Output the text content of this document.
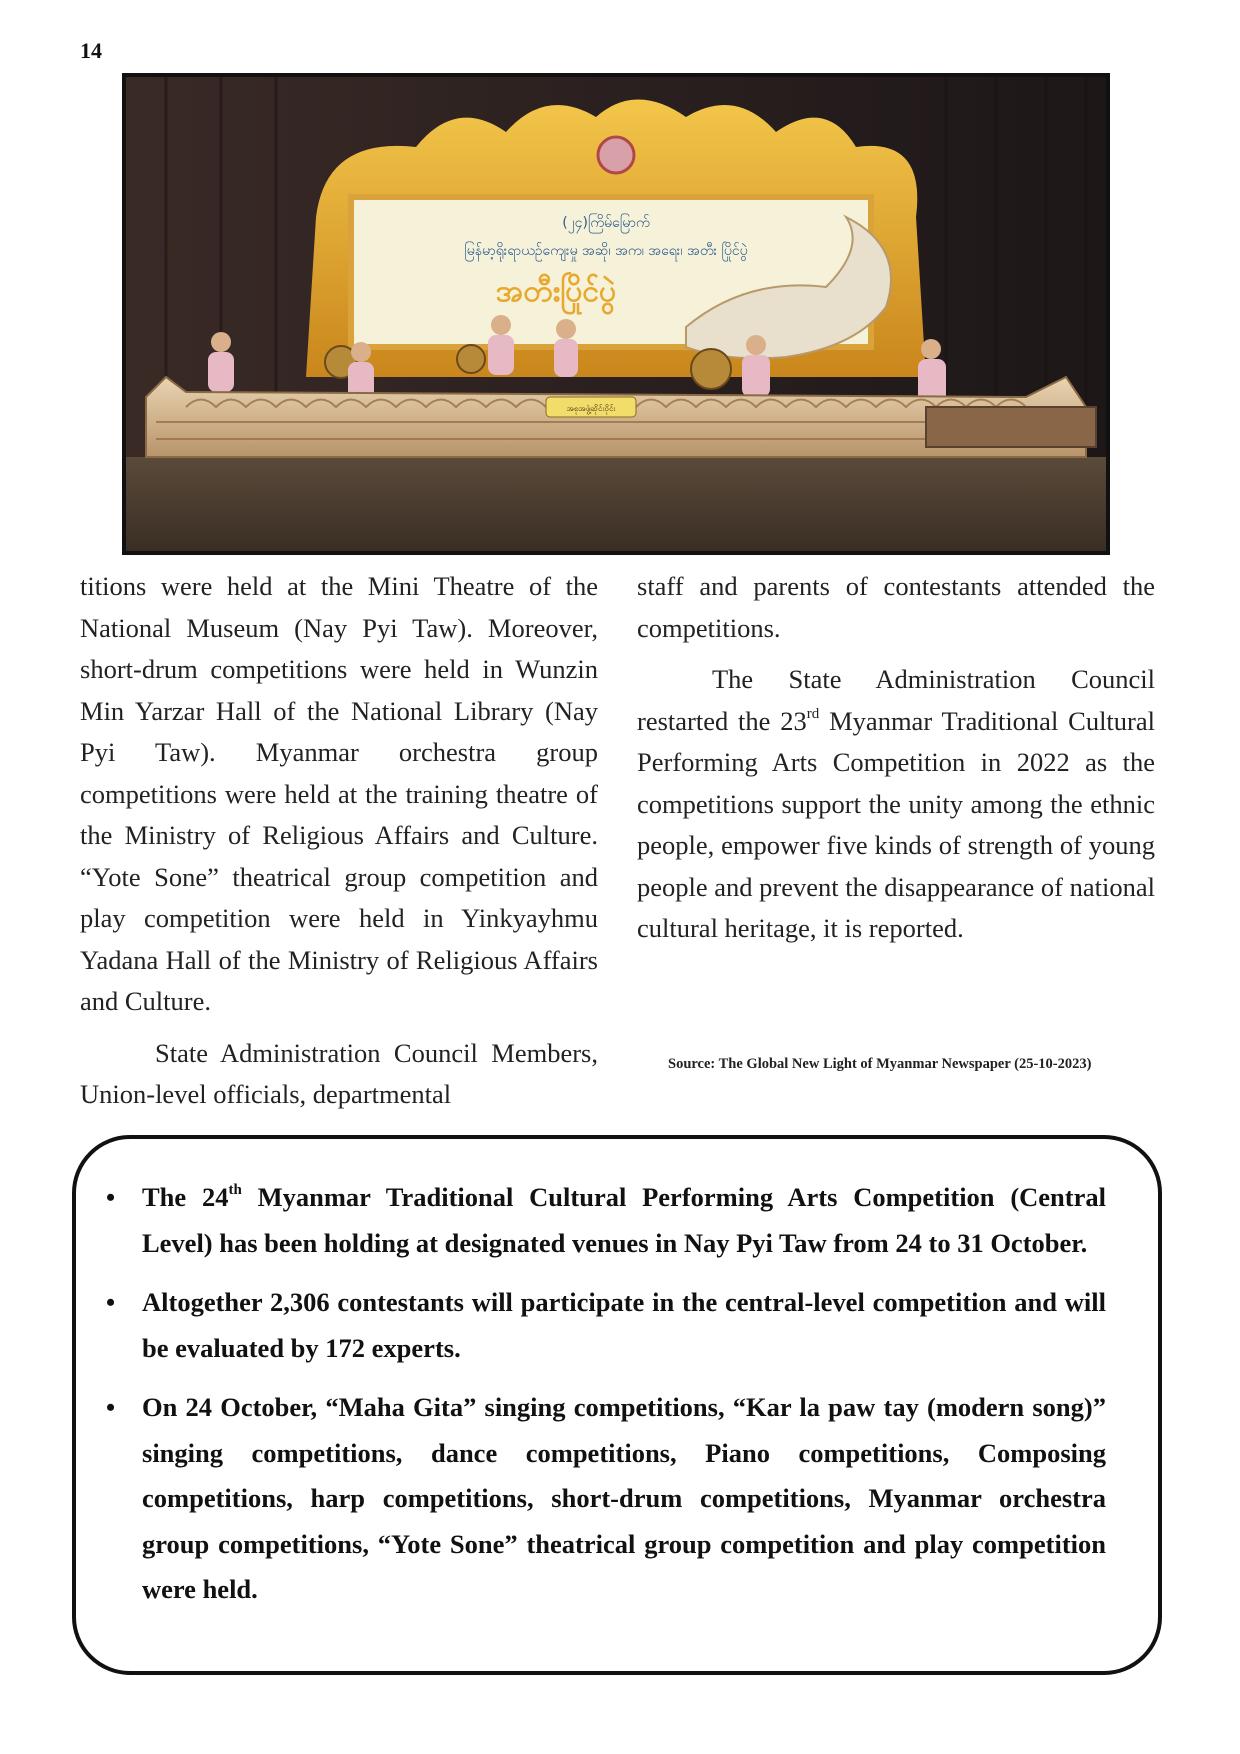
14
(၂၄)ကြိမ်မြောက်
မြန်မာ့ရိုးရာယဉ်ကျေးမှု အဆို၊ အက၊ အရေး၊ အတီး ပြိုင်ပွဲ
အတီးပြိုင်ပွဲ
အစုအဖွဲ့ဆိုင်းဝိုင်း

titions were held at the Mini Theatre of the National Museum (Nay Pyi Taw). Moreover, short-drum competitions were held in Wunzin Min Yarzar Hall of the National Library (Nay Pyi Taw). Myanmar orchestra group competitions were held at the training theatre of the Ministry of Religious Affairs and Culture. “Yote Sone” theatrical group competition and play competition were held in Yinkyayhmu Yadana Hall of the Ministry of Religious Affairs and Culture.

State Administration Council Members, Union-level officials, departmental

staff and parents of contestants attended the competitions.

The State Administration Council restarted the 23rd Myanmar Traditional Cultural Performing Arts Competition in 2022 as the competitions support the unity among the ethnic people, empower five kinds of strength of young people and prevent the disappearance of national cultural heritage, it is reported.

Source: The Global New Light of Myanmar Newspaper (25-10-2023)
• The 24th Myanmar Traditional Cultural Performing Arts Competition (Central Level) has been holding at designated venues in Nay Pyi Taw from 24 to 31 October.
• Altogether 2,306 contestants will participate in the central-level competition and will be evaluated by 172 experts.
• On 24 October, “Maha Gita” singing competitions, “Kar la paw tay (modern song)” singing competitions, dance competitions, Piano competitions, Composing competitions, harp competitions, short-drum competitions, Myanmar orchestra group competitions, “Yote Sone” theatrical group competition and play competition were held.
